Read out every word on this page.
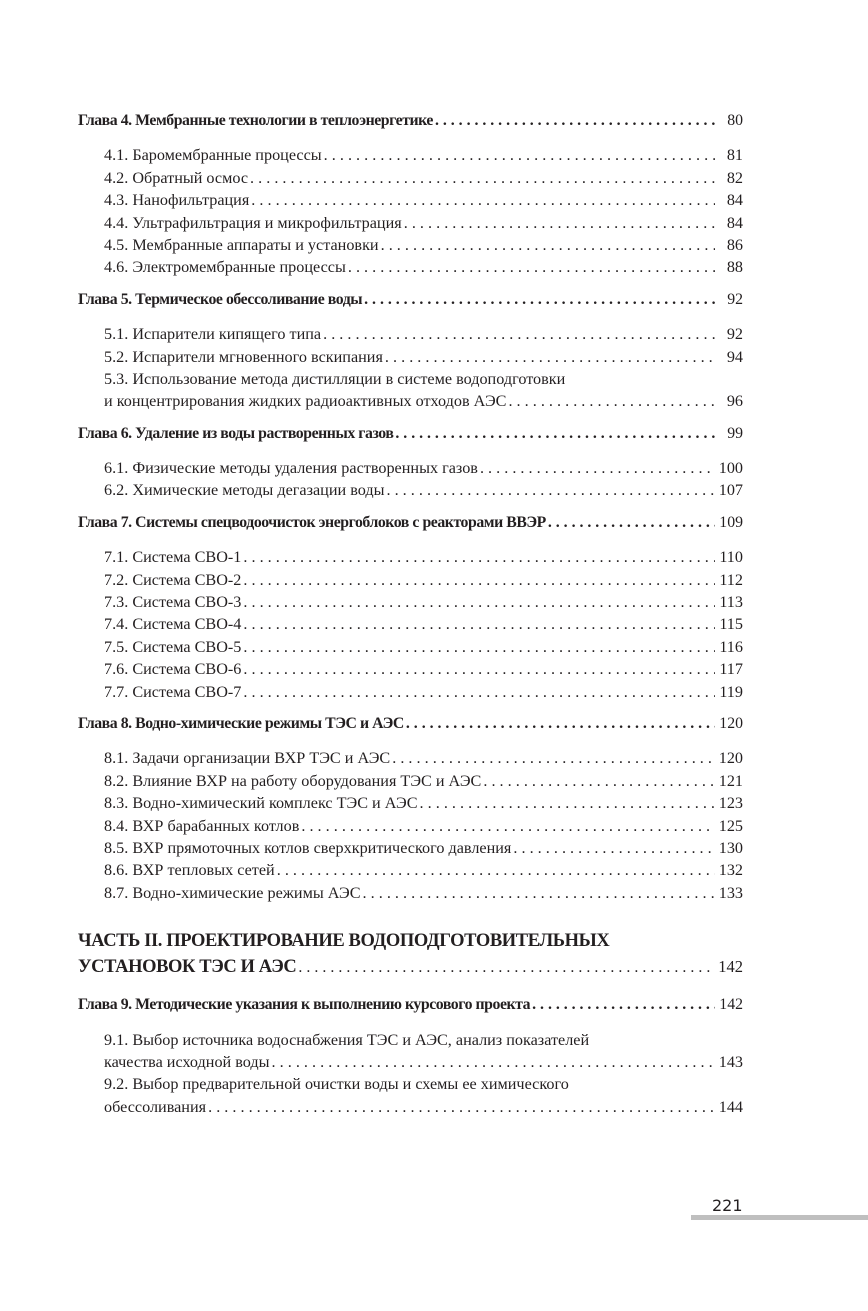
Глава 4. Мембранные технологии в теплоэнергетике . . .	80
4.1. Баромембранные процессы . . .	81
4.2. Обратный осмос . . .	82
4.3. Нанофильтрация . . .	84
4.4. Ультрафильтрация и микрофильтрация . . .	84
4.5. Мембранные аппараты и установки . . .	86
4.6. Электромембранные процессы . . .	88
Глава 5. Термическое обессоливание воды . . .	92
5.1. Испарители кипящего типа . . .	92
5.2. Испарители мгновенного вскипания . . .	94
5.3. Использование метода дистилляции в системе водоподготовки
и концентрирования жидких радиоактивных отходов АЭС . . .	96
Глава 6. Удаление из воды растворенных газов . . .	99
6.1. Физические методы удаления растворенных газов . . .	100
6.2. Химические методы дегазации воды . . .	107
Глава 7. Системы спецводоочисток энергоблоков с реакторами ВВЭР . . .	109
7.1. Система СВО-1 . . .	110
7.2. Система СВО-2 . . .	112
7.3. Система СВО-3 . . .	113
7.4. Система СВО-4 . . .	115
7.5. Система СВО-5 . . .	116
7.6. Система СВО-6 . . .	117
7.7. Система СВО-7 . . .	119
Глава 8. Водно-химические режимы ТЭС и АЭС . . .	120
8.1. Задачи организации ВХР ТЭС и АЭС . . .	120
8.2. Влияние ВХР на работу оборудования ТЭС и АЭС . . .	121
8.3. Водно-химический комплекс ТЭС и АЭС . . .	123
8.4. ВХР барабанных котлов . . .	125
8.5. ВХР прямоточных котлов сверхкритического давления . . .	130
8.6. ВХР тепловых сетей . . .	132
8.7. Водно-химические режимы АЭС . . .	133
ЧАСТЬ II. ПРОЕКТИРОВАНИЕ ВОДОПОДГОТОВИТЕЛЬНЫХ
УСТАНОВОК ТЭС И АЭС . . .	142
Глава 9. Методические указания к выполнению курсового проекта . . .	142
9.1. Выбор источника водоснабжения ТЭС и АЭС, анализ показателей
качества исходной воды . . .	143
9.2. Выбор предварительной очистки воды и схемы ее химического
обессоливания . . .	144
221
